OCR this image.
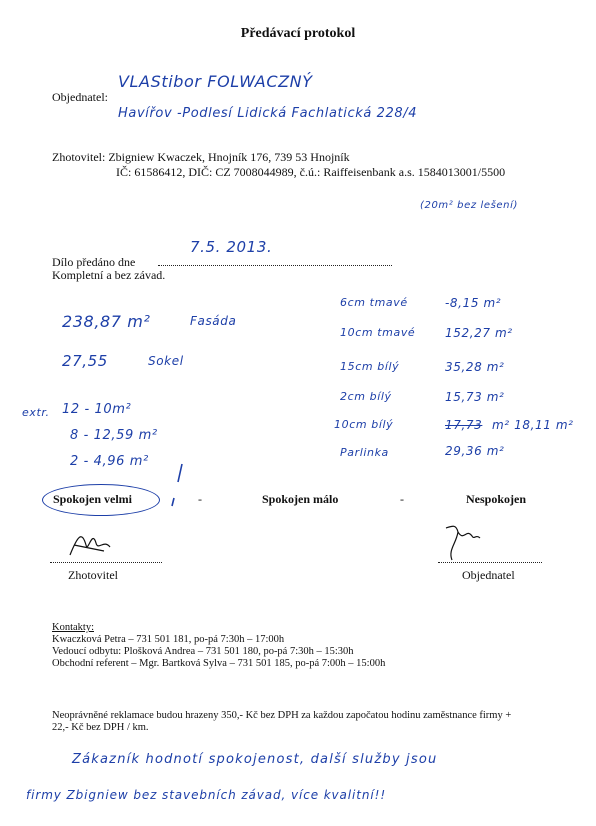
Předávací protokol
Objednatel:
VLAStibor FOLWACZNÝ
Havířov -Podlesí Lidická Fachlatická 228/4
Zhotovitel: Zbigniew Kwaczek, Hnojník 176, 739 53 Hnojník
IČ: 61586412, DIČ: CZ 7008044989, č.ú.: Raiffeisenbank a.s. 1584013001/5500
(20m² bez lešení)
Dílo předáno dne
7.5. 2013.
Kompletní a bez závad.
238,87 m²	Fasáda
27,55	Sokel
extr. 12 - 10m²
8 - 12,59 m²
2 - 4,96 m²
6cm tmavé	-8,15 m²
10cm tmavé 152,27 m²
15cm bílý	35,28 m²
2cm bílý	15,73 m²
10cm bílý	17,73 m² 18,11 m²
Parlinka	29,36 m²
Spokojen velmi	-	Spokojen málo	-	Nespokojen
Zhotovitel	Objednatel
Kontakty:
Kwaczková Petra – 731 501 181, po-pá 7:30h – 17:00h
Vedoucí odbytu: Plošková Andrea – 731 501 180, po-pá 7:30h – 15:30h
Obchodní referent – Mgr. Bartková Sylva – 731 501 185, po-pá 7:00h – 15:00h
Neoprávněné reklamace budou hrazeny 350,- Kč bez DPH za každou započatou hodinu zaměstnance firmy +
22,- Kč bez DPH / km.
Zákazník hodnotí spokojenost, další služby jsou
firmy Zbigniew bez stavebních závad, více kvalitní!!
